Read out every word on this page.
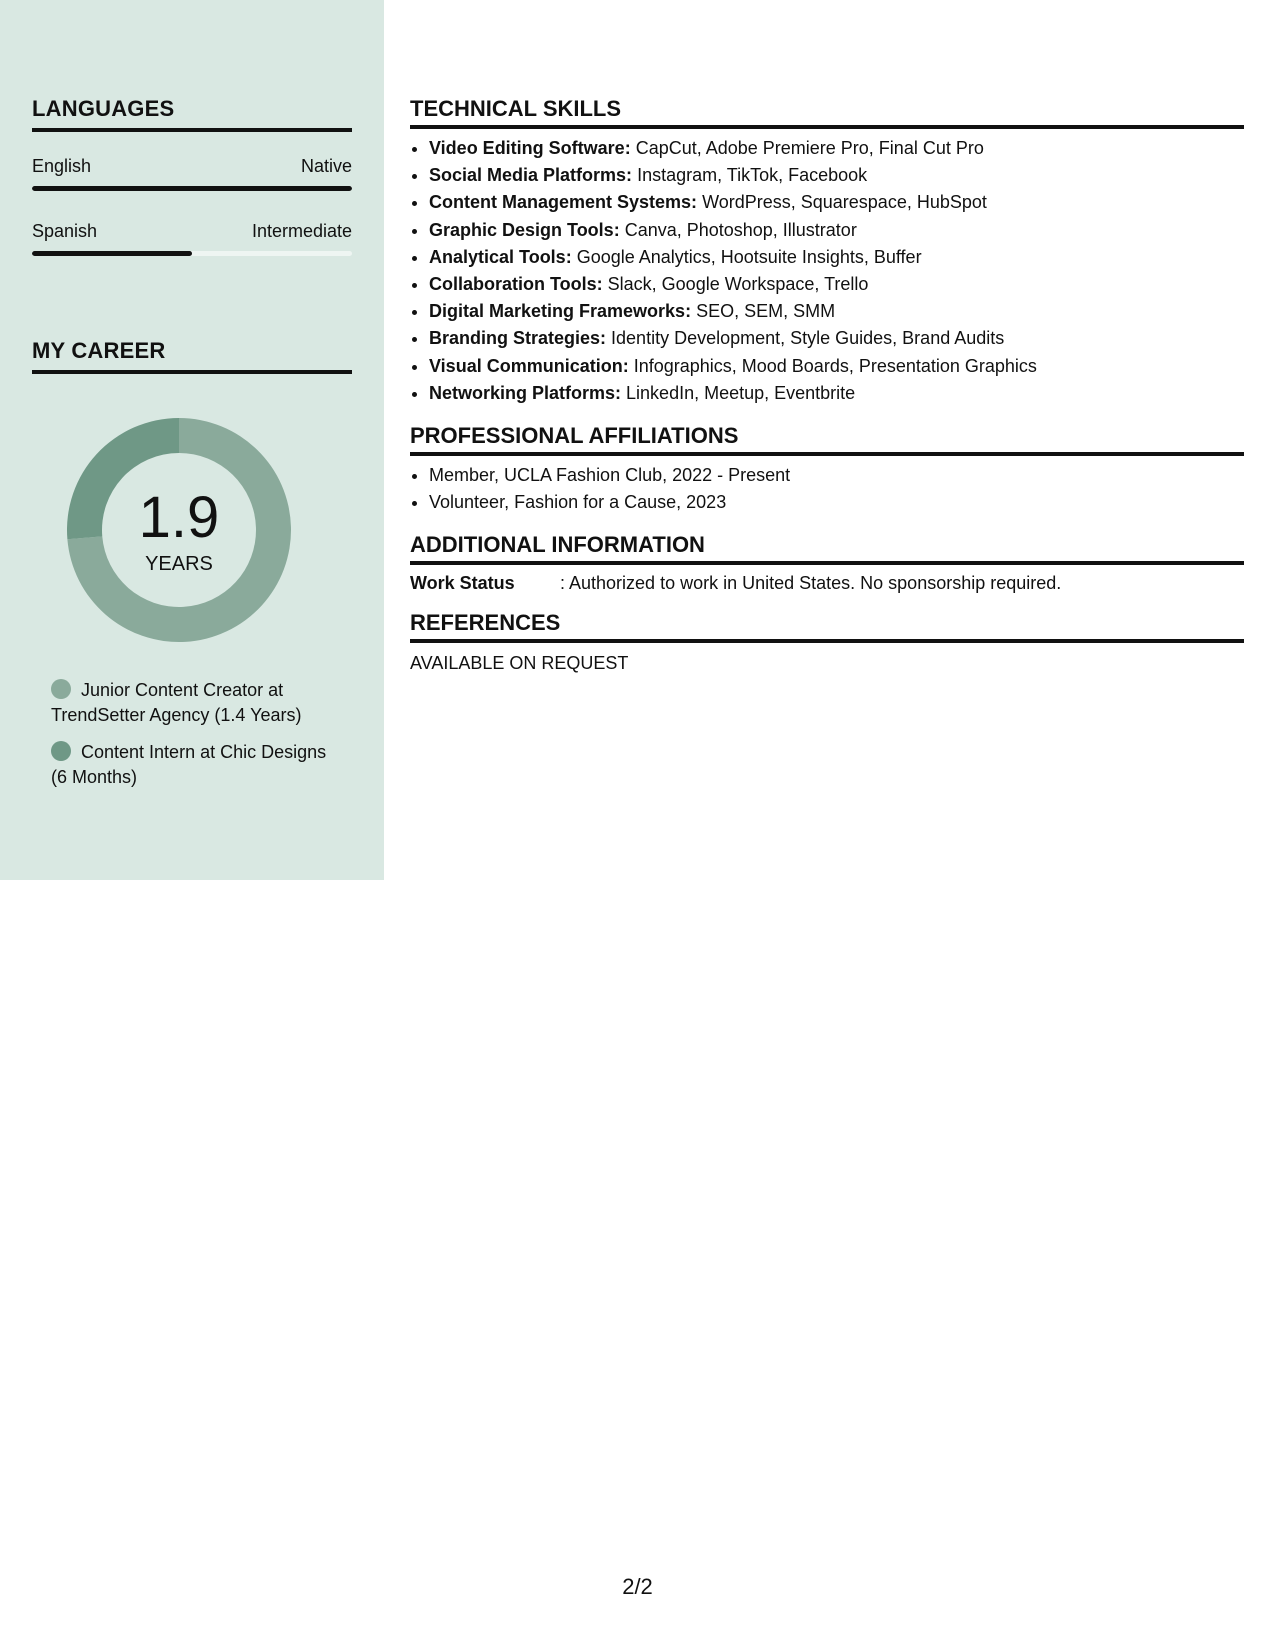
LANGUAGES
English	Native
Spanish	Intermediate
MY CAREER
1.9
YEARS
Junior Content Creator at TrendSetter Agency (1.4 Years)
Content Intern at Chic Designs (6 Months)
TECHNICAL SKILLS
• Video Editing Software: CapCut, Adobe Premiere Pro, Final Cut Pro
• Social Media Platforms: Instagram, TikTok, Facebook
• Content Management Systems: WordPress, Squarespace, HubSpot
• Graphic Design Tools: Canva, Photoshop, Illustrator
• Analytical Tools: Google Analytics, Hootsuite Insights, Buffer
• Collaboration Tools: Slack, Google Workspace, Trello
• Digital Marketing Frameworks: SEO, SEM, SMM
• Branding Strategies: Identity Development, Style Guides, Brand Audits
• Visual Communication: Infographics, Mood Boards, Presentation Graphics
• Networking Platforms: LinkedIn, Meetup, Eventbrite
PROFESSIONAL AFFILIATIONS
• Member, UCLA Fashion Club, 2022 - Present
• Volunteer, Fashion for a Cause, 2023
ADDITIONAL INFORMATION
Work Status	: Authorized to work in United States. No sponsorship required.
REFERENCES
AVAILABLE ON REQUEST
2/2
